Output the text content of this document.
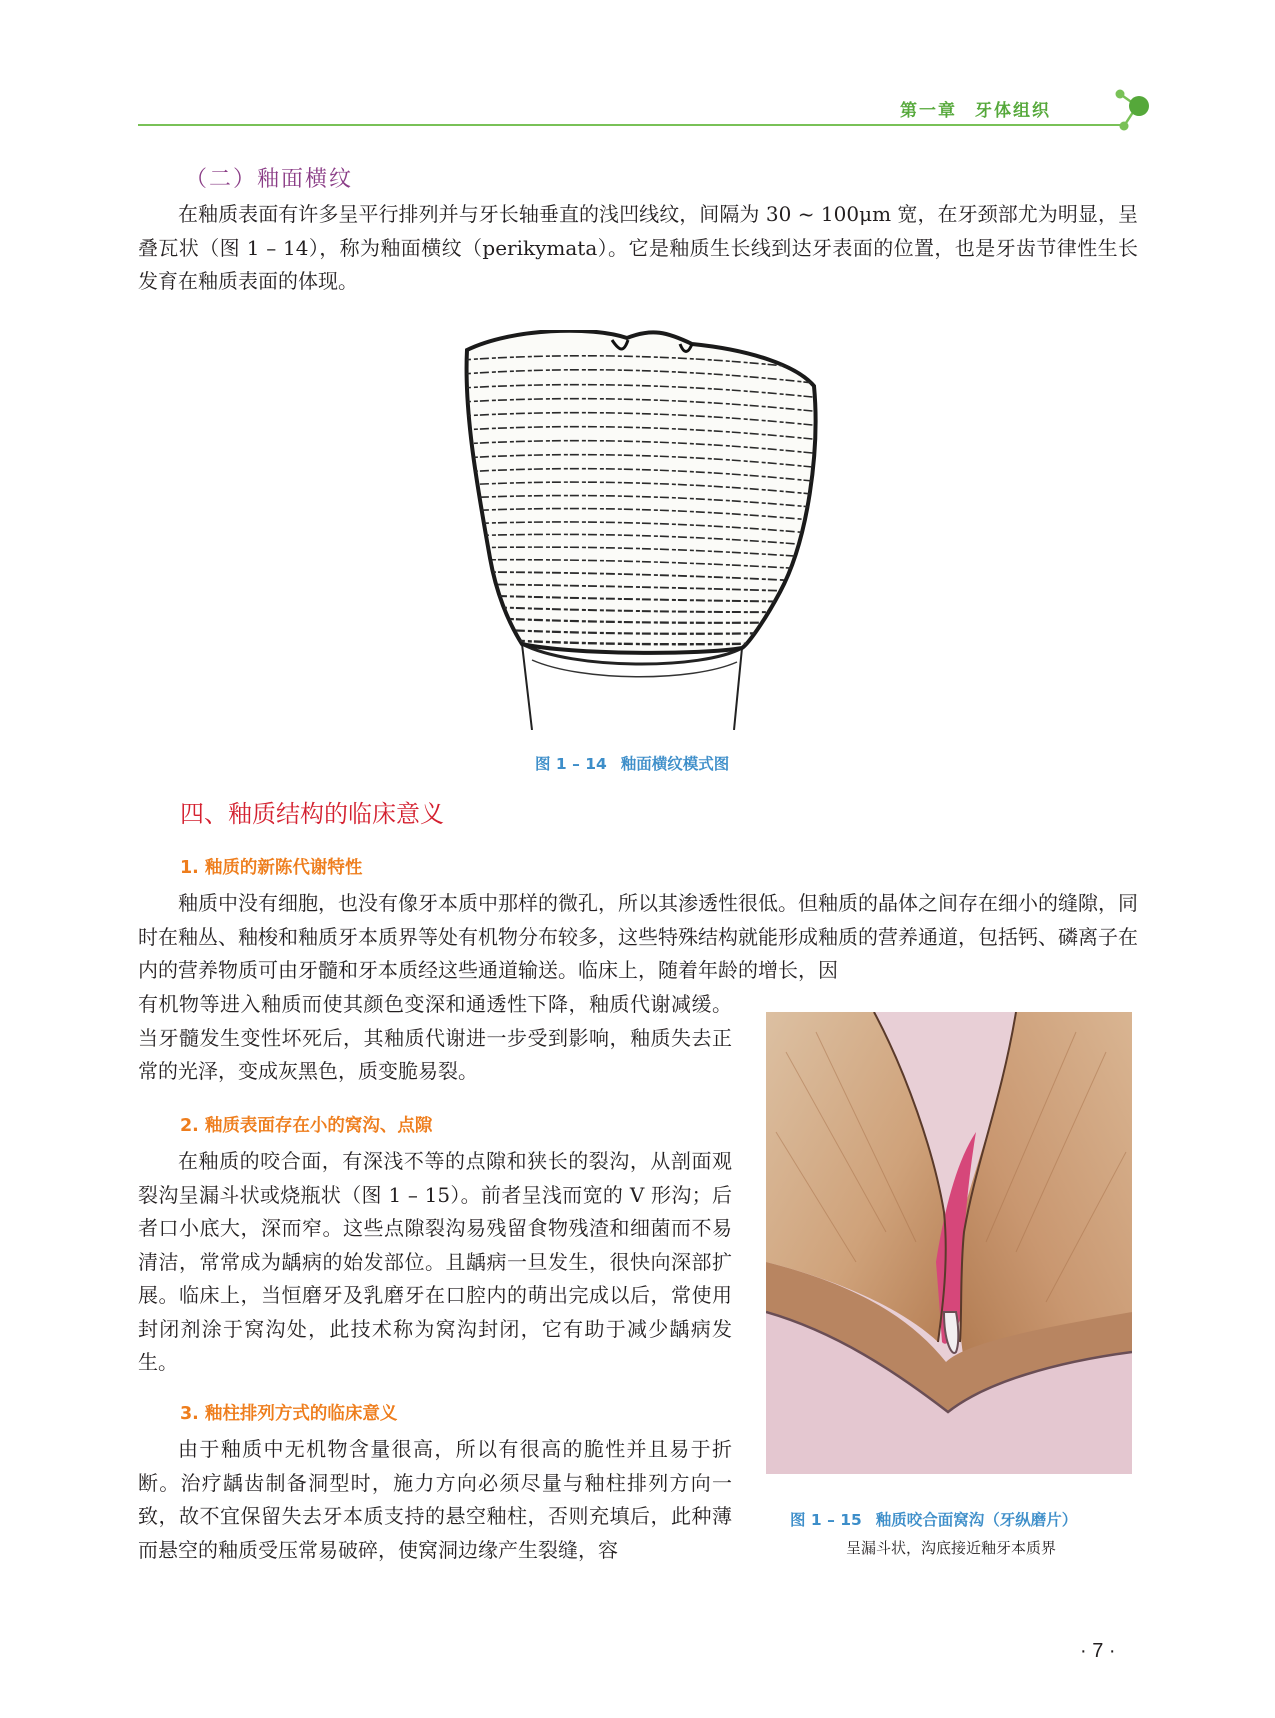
第一章 牙体组织
（二）釉面横纹

在釉质表面有许多呈平行排列并与牙长轴垂直的浅凹线纹，间隔为 30 ~ 100μm 宽，在牙颈部尤为明显，呈叠瓦状（图 1 – 14），称为釉面横纹（perikymata）。它是釉质生长线到达牙表面的位置，也是牙齿节律性生长发育在釉质表面的体现。

图 1 – 14 釉面横纹模式图
四、釉质结构的临床意义
1. 釉质的新陈代谢特性

釉质中没有细胞，也没有像牙本质中那样的微孔，所以其渗透性很低。但釉质的晶体之间存在细小的缝隙，同时在釉丛、釉梭和釉质牙本质界等处有机物分布较多，这些特殊结构就能形成釉质的营养通道，包括钙、磷离子在内的营养物质可由牙髓和牙本质经这些通道输送。临床上，随着年龄的增长，因

有机物等进入釉质而使其颜色变深和通透性下降，釉质代谢减缓。当牙髓发生变性坏死后，其釉质代谢进一步受到影响，釉质失去正常的光泽，变成灰黑色，质变脆易裂。

2. 釉质表面存在小的窝沟、点隙

在釉质的咬合面，有深浅不等的点隙和狭长的裂沟，从剖面观裂沟呈漏斗状或烧瓶状（图 1 – 15）。前者呈浅而宽的 V 形沟；后者口小底大，深而窄。这些点隙裂沟易残留食物残渣和细菌而不易清洁，常常成为龋病的始发部位。且龋病一旦发生，很快向深部扩展。临床上，当恒磨牙及乳磨牙在口腔内的萌出完成以后，常使用封闭剂涂于窝沟处，此技术称为窝沟封闭，它有助于减少龋病发生。

3. 釉柱排列方式的临床意义

由于釉质中无机物含量很高，所以有很高的脆性并且易于折断。治疗龋齿制备洞型时，施力方向必须尽量与釉柱排列方向一致，故不宜保留失去牙本质支持的悬空釉柱，否则充填后，此种薄而悬空的釉质受压常易破碎，使窝洞边缘产生裂缝，容

图 1 – 15 釉质咬合面窝沟（牙纵磨片）
呈漏斗状，沟底接近釉牙本质界
· 7 ·
